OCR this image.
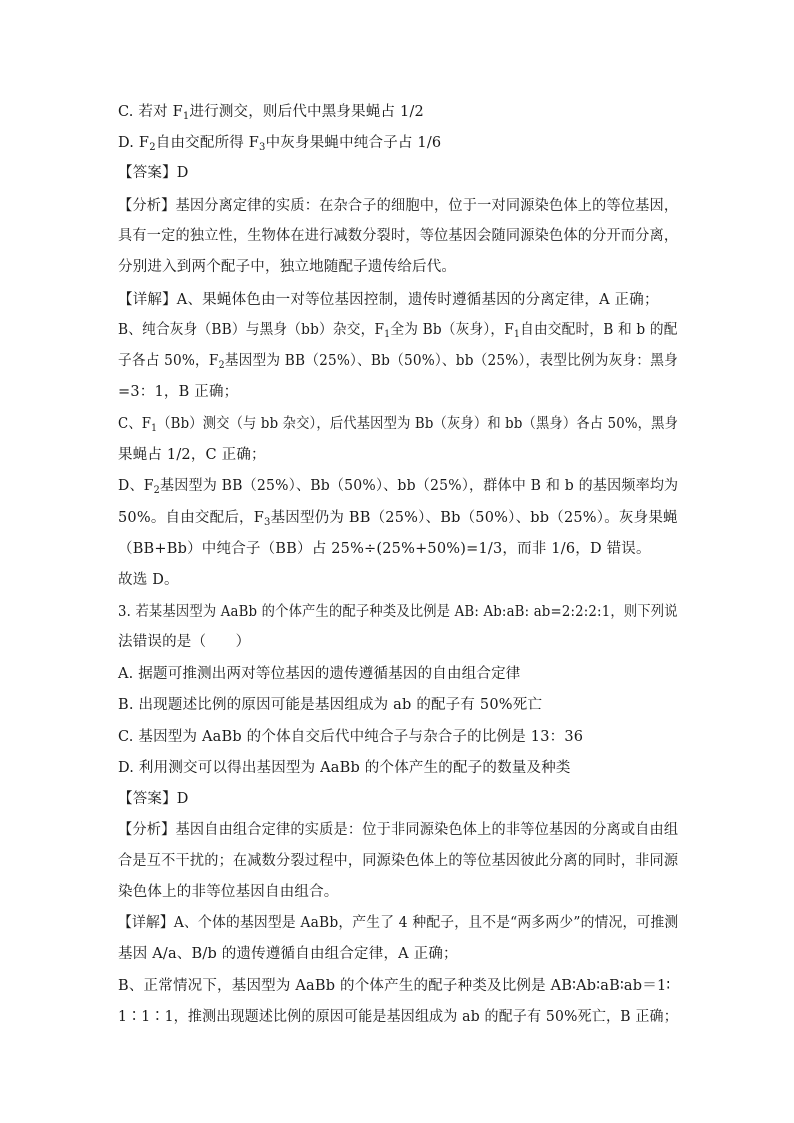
C. 若对 $F_1$进行测交，则后代中黑身果蝇占 1/2
D. $F_2$自由交配所得 $F_3$中灰身果蝇中纯合子占 1/6
【答案】D
【分析】基因分离定律的实质：在杂合子的细胞中，位于一对同源染色体上的等位基因，
具有一定的独立性，生物体在进行减数分裂时，等位基因会随同源染色体的分开而分离，
分别进入到两个配子中，独立地随配子遗传给后代。
【详解】A、果蝇体色由一对等位基因控制，遗传时遵循基因的分离定律，A 正确；
B、纯合灰身（BB）与黑身（bb）杂交，$F_1$全为 Bb（灰身），$F_1$自由交配时，B 和 b 的配
子各占 50%，$F_2$基因型为 BB（25%）、Bb（50%）、bb（25%），表型比例为灰身：黑身
=3：1，B 正确；
C、$F_1(Bb)$测交（与 bb 杂交），后代基因型为 Bb（灰身）和 bb（黑身）各占 50%，黑身
果蝇占 1/2，C 正确；
D、$F_2$基因型为 BB（25%）、Bb（50%）、bb（25%），群体中 B 和 b 的基因频率均为
50%。自由交配后，$F_3$基因型仍为 BB（25%）、Bb（50%）、bb（25%）。灰身果蝇
（BB+Bb）中纯合子（BB）占 25%÷(25%+50%)=1/3，而非 1/6，D 错误。
故选 D。
3. 若某基因型为 AaBb 的个体产生的配子种类及比例是 AB: Ab:aB: ab=2:2:2:1，则下列说
法错误的是（　　）
A. 据题可推测出两对等位基因的遗传遵循基因的自由组合定律
B. 出现题述比例的原因可能是基因组成为 ab 的配子有 50%死亡
C. 基因型为 AaBb 的个体自交后代中纯合子与杂合子的比例是 13：36
D. 利用测交可以得出基因型为 AaBb 的个体产生的配子的数量及种类
【答案】D
【分析】基因自由组合定律的实质是：位于非同源染色体上的非等位基因的分离或自由组
合是互不干扰的；在减数分裂过程中，同源染色体上的等位基因彼此分离的同时，非同源
染色体上的非等位基因自由组合。
【详解】A、个体的基因型是 AaBb，产生了 4 种配子，且不是“两多两少”的情况，可推测
基因 A/a、B/b 的遗传遵循自由组合定律，A 正确；
B、正常情况下，基因型为 AaBb 的个体产生的配子种类及比例是 AB∶Ab∶aB∶ab＝1∶
1∶1∶1，推测出现题述比例的原因可能是基因组成为 ab 的配子有 50%死亡，B 正确；
